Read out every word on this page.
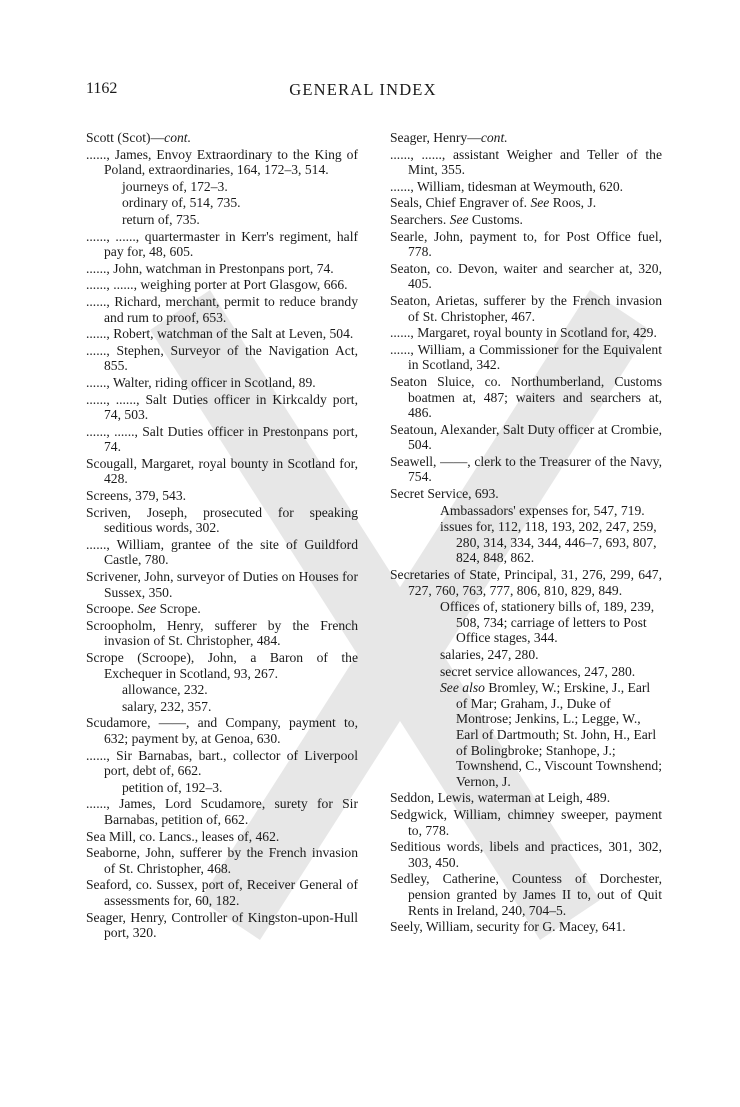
1162	GENERAL INDEX
Scott (Scot)—cont.
......, James, Envoy Extraordinary to the King of Poland, extraordinaries, 164, 172–3, 514.
journeys of, 172–3.
ordinary of, 514, 735.
return of, 735.
......, ......, quartermaster in Kerr's regiment, half pay for, 48, 605.
......, John, watchman in Prestonpans port, 74.
......, ......, weighing porter at Port Glasgow, 666.
......, Richard, merchant, permit to reduce brandy and rum to proof, 653.
......, Robert, watchman of the Salt at Leven, 504.
......, Stephen, Surveyor of the Navigation Act, 855.
......, Walter, riding officer in Scotland, 89.
......, ......, Salt Duties officer in Kirkcaldy port, 74, 503.
......, ......, Salt Duties officer in Prestonpans port, 74.
Scougall, Margaret, royal bounty in Scotland for, 428.
Screens, 379, 543.
Scriven, Joseph, prosecuted for speaking seditious words, 302.
......, William, grantee of the site of Guildford Castle, 780.
Scrivener, John, surveyor of Duties on Houses for Sussex, 350.
Scroope. See Scrope.
Scroopholm, Henry, sufferer by the French invasion of St. Christopher, 484.
Scrope (Scroope), John, a Baron of the Exchequer in Scotland, 93, 267.
allowance, 232.
salary, 232, 357.
Scudamore, ——, and Company, payment to, 632; payment by, at Genoa, 630.
......, Sir Barnabas, bart., collector of Liverpool port, debt of, 662.
petition of, 192–3.
......, James, Lord Scudamore, surety for Sir Barnabas, petition of, 662.
Sea Mill, co. Lancs., leases of, 462.
Seaborne, John, sufferer by the French invasion of St. Christopher, 468.
Seaford, co. Sussex, port of, Receiver General of assessments for, 60, 182.
Seager, Henry, Controller of Kingston-upon-Hull port, 320.
Seager, Henry—cont.
......, ......, assistant Weigher and Teller of the Mint, 355.
......, William, tidesman at Weymouth, 620.
Seals, Chief Engraver of. See Roos, J.
Searchers. See Customs.
Searle, John, payment to, for Post Office fuel, 778.
Seaton, co. Devon, waiter and searcher at, 320, 405.
Seaton, Arietas, sufferer by the French invasion of St. Christopher, 467.
......, Margaret, royal bounty in Scotland for, 429.
......, William, a Commissioner for the Equivalent in Scotland, 342.
Seaton Sluice, co. Northumberland, Customs boatmen at, 487; waiters and searchers at, 486.
Seatoun, Alexander, Salt Duty officer at Crombie, 504.
Seawell, ——, clerk to the Treasurer of the Navy, 754.
Secret Service, 693.
Ambassadors' expenses for, 547, 719.
issues for, 112, 118, 193, 202, 247, 259, 280, 314, 334, 344, 446–7, 693, 807, 824, 848, 862.
Secretaries of State, Principal, 31, 276, 299, 647, 727, 760, 763, 777, 806, 810, 829, 849.
Offices of, stationery bills of, 189, 239, 508, 734; carriage of letters to Post Office stages, 344.
salaries, 247, 280.
secret service allowances, 247, 280.
See also Bromley, W.; Erskine, J., Earl of Mar; Graham, J., Duke of Montrose; Jenkins, L.; Legge, W., Earl of Dartmouth; St. John, H., Earl of Bolingbroke; Stanhope, J.; Townshend, C., Viscount Townshend; Vernon, J.
Seddon, Lewis, waterman at Leigh, 489.
Sedgwick, William, chimney sweeper, payment to, 778.
Seditious words, libels and practices, 301, 302, 303, 450.
Sedley, Catherine, Countess of Dorchester, pension granted by James II to, out of Quit Rents in Ireland, 240, 704–5.
Seely, William, security for G. Macey, 641.
